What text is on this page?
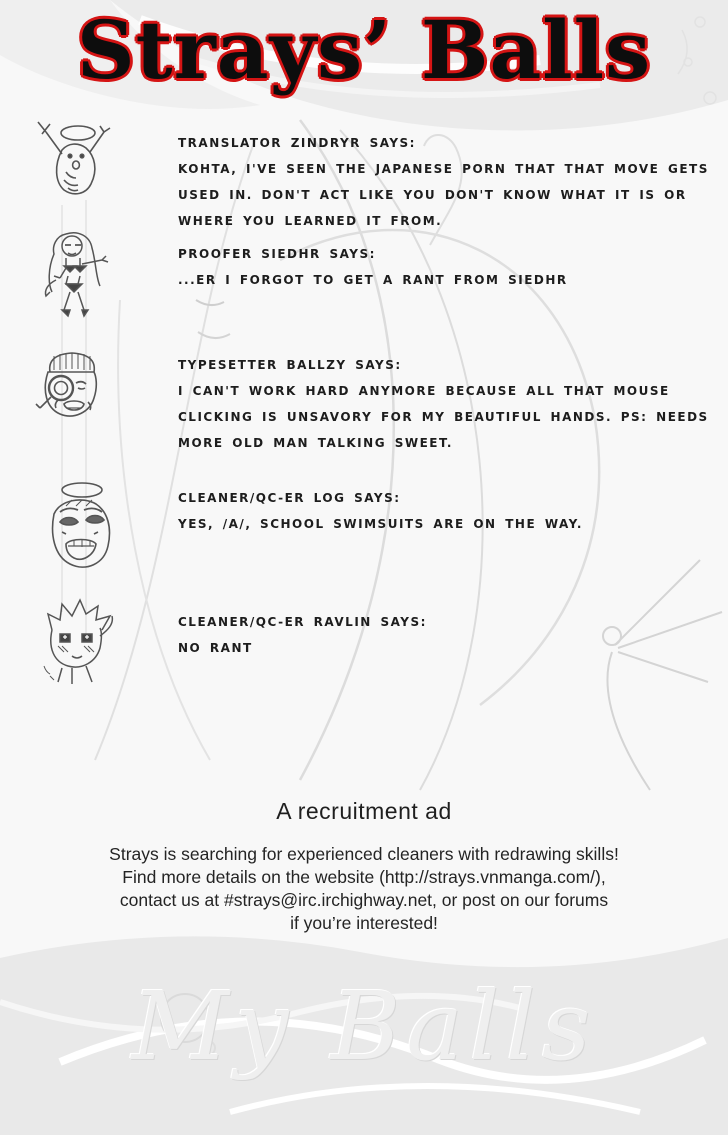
Strays’ Balls
TRANSLATOR ZINDRYR SAYS:
KOHTA, I'VE SEEN THE JAPANESE PORN THAT THAT MOVE GETS USED IN. DON'T ACT LIKE YOU DON'T KNOW WHAT IT IS OR WHERE YOU LEARNED IT FROM.
PROOFER SIEDHR SAYS:
...ER I FORGOT TO GET A RANT FROM SIEDHR
TYPESETTER BALLZY SAYS:
I CAN'T WORK HARD ANYMORE BECAUSE ALL THAT MOUSE CLICKING IS UNSAVORY FOR MY BEAUTIFUL HANDS. PS: NEEDS MORE OLD MAN TALKING SWEET.
CLEANER/QC-ER LOG SAYS:
YES, /A/, SCHOOL SWIMSUITS ARE ON THE WAY.
CLEANER/QC-ER RAVLIN SAYS:
NO RANT
A recruitment ad
Strays is searching for experienced cleaners with redrawing skills!
Find more details on the website (http://strays.vnmanga.com/),
contact us at #strays@irc.irchighway.net, or post on our forums
if you’re interested!
My Balls
